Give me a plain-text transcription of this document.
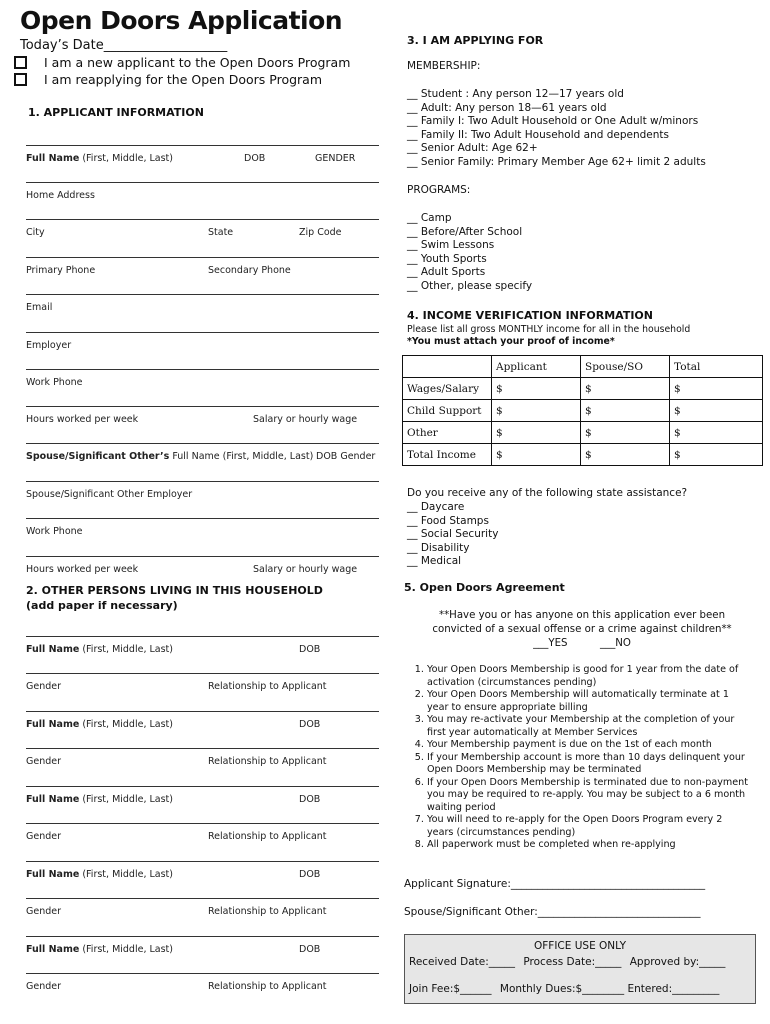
Open Doors Application
Today’s Date___________________
I am a new applicant to the Open Doors Program
I am reapplying for the Open Doors Program
1. APPLICANT INFORMATION
Full Name (First, Middle, Last)	DOB	GENDER
Home Address
City	State	Zip Code
Primary Phone	Secondary Phone
Email
Employer
Work Phone
Hours worked per week	Salary or hourly wage
Spouse/Significant Other’s Full Name (First, Middle, Last) DOB Gender
Spouse/Significant Other Employer
Work Phone
Hours worked per week	Salary or hourly wage
2. OTHER PERSONS LIVING IN THIS HOUSEHOLD
(add paper if necessary)
Full Name (First, Middle, Last)	DOB
Gender	Relationship to Applicant
Full Name (First, Middle, Last)	DOB
Gender	Relationship to Applicant
Full Name (First, Middle, Last)	DOB
Gender	Relationship to Applicant
Full Name (First, Middle, Last)	DOB
Gender	Relationship to Applicant
Full Name (First, Middle, Last)	DOB
Gender	Relationship to Applicant
3. I AM APPLYING FOR
MEMBERSHIP:
__ Student : Any person 12—17 years old
__ Adult: Any person 18—61 years old
__ Family I: Two Adult Household or One Adult w/minors
__ Family II: Two Adult Household and dependents
__ Senior Adult: Age 62+
__ Senior Family: Primary Member Age 62+ limit 2 adults
PROGRAMS:
__ Camp
__ Before/After School
__ Swim Lessons
__ Youth Sports
__ Adult Sports
__ Other, please specify
4. INCOME VERIFICATION INFORMATION
Please list all gross MONTHLY income for all in the household
*You must attach your proof of income*
	Applicant	Spouse/SO	Total
Wages/Salary	$	$	$
Child Support	$	$	$
Other	$	$	$
Total Income	$	$	$
Do you receive any of the following state assistance?
__ Daycare
__ Food Stamps
__ Social Security
__ Disability
__ Medical
5. Open Doors Agreement
**Have you or has anyone on this application ever been
convicted of a sexual offense or a crime against children**
___YES	___NO
1. Your Open Doors Membership is good for 1 year from the date of activation (circumstances pending)
2. Your Open Doors Membership will automatically terminate at 1 year to ensure appropriate billing
3. You may re-activate your Membership at the completion of your first year automatically at Member Services
4. Your Membership payment is due on the 1st of each month
5. If your Membership account is more than 10 days delinquent your Open Doors Membership may be terminated
6. If your Open Doors Membership is terminated due to non-payment you may be required to re-apply. You may be subject to a 6 month waiting period
7. You will need to re-apply for the Open Doors Program every 2 years (circumstances pending)
8. All paperwork must be completed when re-applying
Applicant Signature:_____________________________________
Spouse/Significant Other:_______________________________
OFFICE USE ONLY
Received Date:_____ Process Date:_____ Approved by:_____
Join Fee:$______ Monthly Dues:$________ Entered:_________
